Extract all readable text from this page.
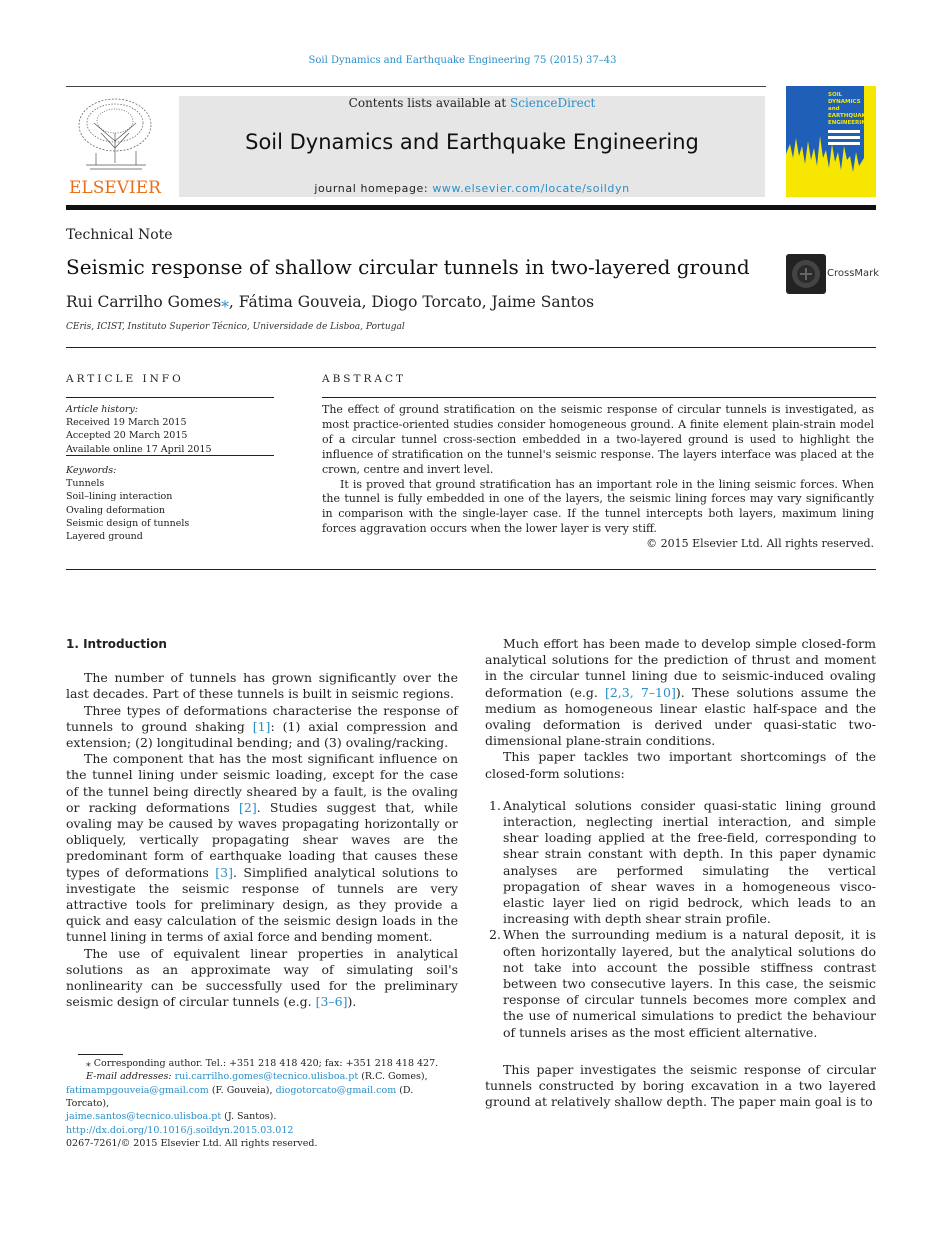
Soil Dynamics and Earthquake Engineering 75 (2015) 37–43
ELSEVIER
Contents lists available at ScienceDirect
Soil Dynamics and Earthquake Engineering
journal homepage: www.elsevier.com/locate/soildyn
SOIL
DYNAMICS
and
EARTHQUAKE
ENGINEERING
Technical Note
Seismic response of shallow circular tunnels in two-layered ground	CrossMark
Rui Carrilho Gomes⁎, Fátima Gouveia, Diogo Torcato, Jaime Santos
CEris, ICIST, Instituto Superior Técnico, Universidade de Lisboa, Portugal
ARTICLE INFO
Article history:
Received 19 March 2015
Accepted 20 March 2015
Available online 17 April 2015
Keywords:
Tunnels
Soil–lining interaction
Ovaling deformation
Seismic design of tunnels
Layered ground
ABSTRACT

The effect of ground stratification on the seismic response of circular tunnels is investigated, as most practice-oriented studies consider homogeneous ground. A finite element plain-strain model of a circular tunnel cross-section embedded in a two-layered ground is used to highlight the influence of stratification on the tunnel's seismic response. The layers interface was placed at the crown, centre and invert level.

It is proved that ground stratification has an important role in the lining seismic forces. When the tunnel is fully embedded in one of the layers, the seismic lining forces may vary significantly in comparison with the single-layer case. If the tunnel intercepts both layers, maximum lining forces aggravation occurs when the lower layer is very stiff.

© 2015 Elsevier Ltd. All rights reserved.

1. Introduction

The number of tunnels has grown significantly over the last decades. Part of these tunnels is built in seismic regions.

Three types of deformations characterise the response of tunnels to ground shaking [1]: (1) axial compression and extension; (2) longitudinal bending; and (3) ovaling/racking.

The component that has the most significant influence on the tunnel lining under seismic loading, except for the case of the tunnel being directly sheared by a fault, is the ovaling or racking deformations [2]. Studies suggest that, while ovaling may be caused by waves propagating horizontally or obliquely, vertically propagating shear waves are the predominant form of earthquake loading that causes these types of deformations [3]. Simplified analytical solutions to investigate the seismic response of tunnels are very attractive tools for preliminary design, as they provide a quick and easy calculation of the seismic design loads in the tunnel lining in terms of axial force and bending moment.

The use of equivalent linear properties in analytical solutions as an approximate way of simulating soil's nonlinearity can be successfully used for the preliminary seismic design of circular tunnels (e.g. [3–6]).

Much effort has been made to develop simple closed-form analytical solutions for the prediction of thrust and moment in the circular tunnel lining due to seismic-induced ovaling deformation (e.g. [2,3, 7–10]). These solutions assume the medium as homogeneous linear elastic half-space and the ovaling deformation is derived under quasi-static two-dimensional plane-strain conditions.

This paper tackles two important shortcomings of the closed-form solutions:

1. Analytical solutions consider quasi-static lining ground interaction, neglecting inertial interaction, and simple shear loading applied at the free-field, corresponding to shear strain constant with depth. In this paper dynamic analyses are performed simulating the vertical propagation of shear waves in a homogeneous visco-elastic layer lied on rigid bedrock, which leads to an increasing with depth shear strain profile.
2. When the surrounding medium is a natural deposit, it is often horizontally layered, but the analytical solutions do not take into account the possible stiffness contrast between two consecutive layers. In this case, the seismic response of circular tunnels becomes more complex and the use of numerical simulations to predict the behaviour of tunnels arises as the most efficient alternative.

This paper investigates the seismic response of circular tunnels constructed by boring excavation in a two layered ground at relatively shallow depth. The paper main goal is to

⁎ Corresponding author. Tel.: +351 218 418 420; fax: +351 218 418 427.
E-mail addresses: rui.carrilho.gomes@tecnico.ulisboa.pt (R.C. Gomes),
fatimampgouveia@gmail.com (F. Gouveia), diogotorcato@gmail.com (D. Torcato),
jaime.santos@tecnico.ulisboa.pt (J. Santos).
http://dx.doi.org/10.1016/j.soildyn.2015.03.012
0267-7261/© 2015 Elsevier Ltd. All rights reserved.
